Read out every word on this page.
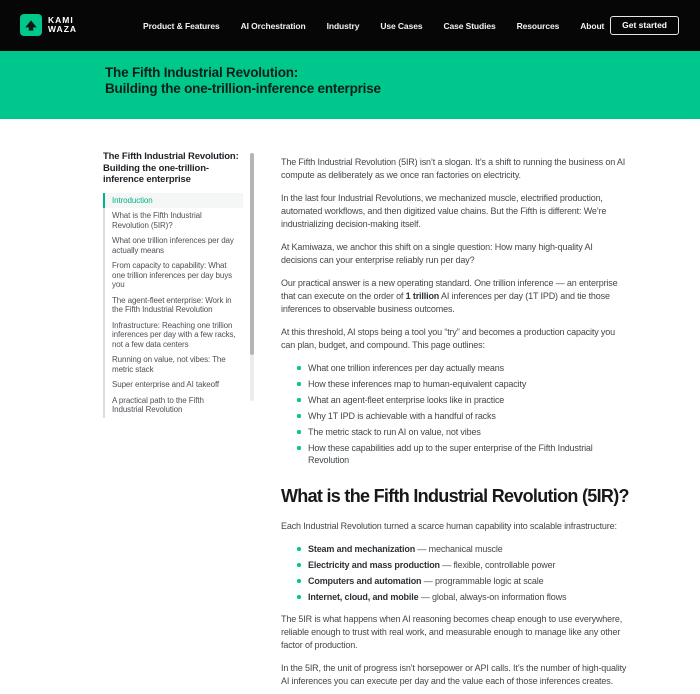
KAMI
WAZA	Product & Features AI Orchestration Industry Use Cases Case Studies Resources About	Get started
The Fifth Industrial Revolution:
Building the one-trillion-inference enterprise
The Fifth Industrial Revolution: Building the one-trillion-inference enterprise
Introduction
What is the Fifth Industrial Revolution (5IR)?
What one trillion inferences per day actually means
From capacity to capability: What one trillion inferences per day buys you
The agent-fleet enterprise: Work in the Fifth Industrial Revolution
Infrastructure: Reaching one trillion inferences per day with a few racks, not a few data centers
Running on value, not vibes: The metric stack
Super enterprise and AI takeoff
A practical path to the Fifth Industrial Revolution

The Fifth Industrial Revolution (5IR) isn’t a slogan. It’s a shift to running the business on AI compute as deliberately as we once ran factories on electricity.

In the last four Industrial Revolutions, we mechanized muscle, electrified production, automated workflows, and then digitized value chains. But the Fifth is different: We’re industrializing decision-making itself.

At Kamiwaza, we anchor this shift on a single question: How many high-quality AI decisions can your enterprise reliably run per day?

Our practical answer is a new operating standard. One trillion inference — an enterprise that can execute on the order of 1 trillion AI inferences per day (1T IPD) and tie those inferences to observable business outcomes.

At this threshold, AI stops being a tool you “try” and becomes a production capacity you can plan, budget, and compound. This page outlines:

What one trillion inferences per day actually means
How these inferences map to human-equivalent capacity
What an agent-fleet enterprise looks like in practice
Why 1T IPD is achievable with a handful of racks
The metric stack to run AI on value, not vibes
How these capabilities add up to the super enterprise of the Fifth Industrial Revolution
What is the Fifth Industrial Revolution (5IR)?

Each Industrial Revolution turned a scarce human capability into scalable infrastructure:

Steam and mechanization — mechanical muscle
Electricity and mass production — flexible, controllable power
Computers and automation — programmable logic at scale
Internet, cloud, and mobile — global, always-on information flows

The 5IR is what happens when AI reasoning becomes cheap enough to use everywhere, reliable enough to trust with real work, and measurable enough to manage like any other factor of production.

In the 5IR, the unit of progress isn’t horsepower or API calls. It’s the number of high-quality AI inferences you can execute per day and the value each of those inferences creates.
